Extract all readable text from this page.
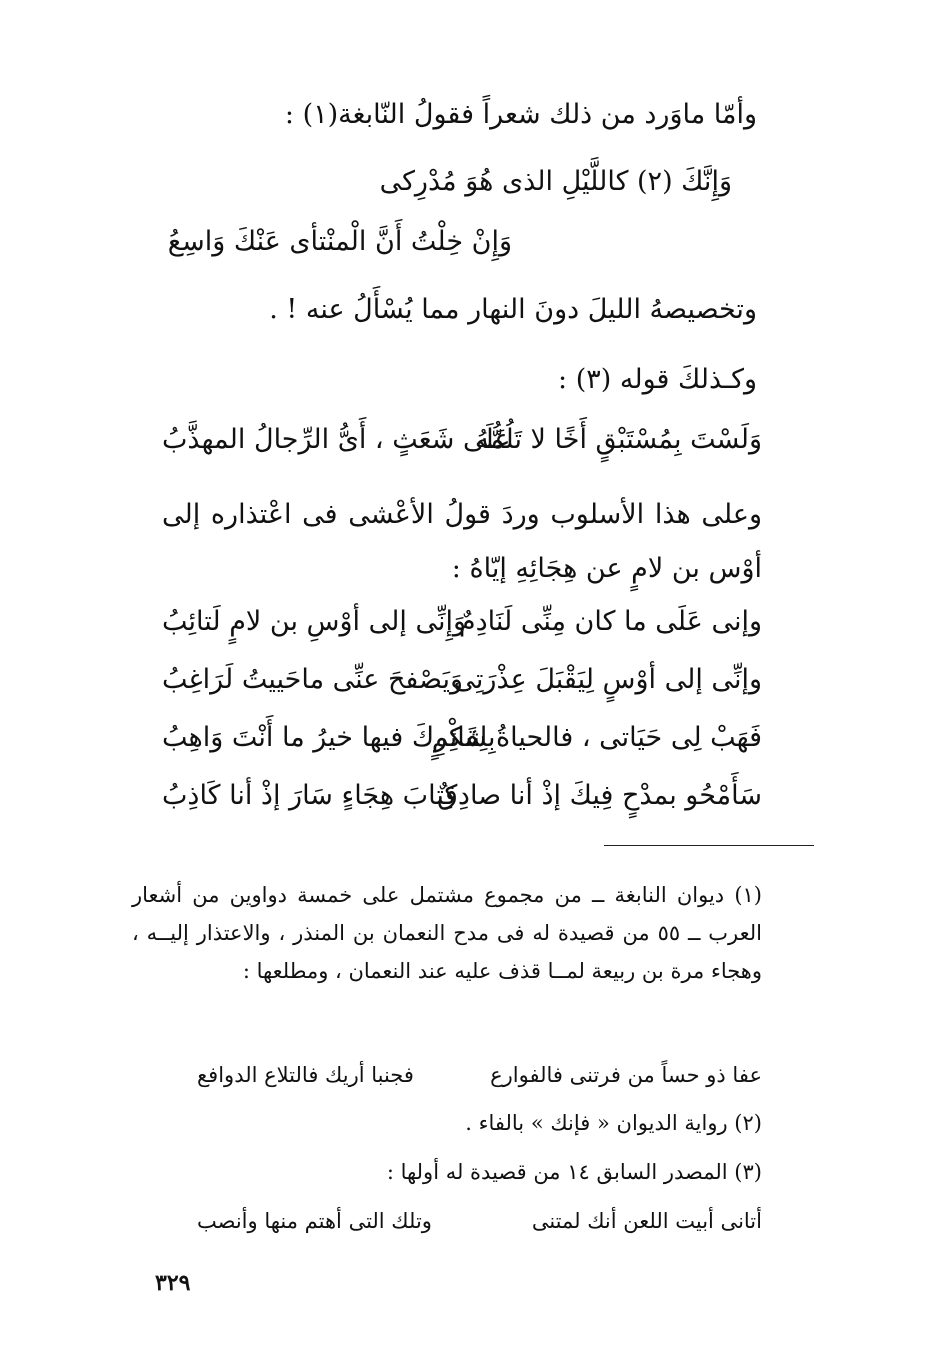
وأمّا ماوَرد من ذلك شعراً فقولُ النّابغة(١) :
وَإِنَّكَ (٢) كاللَّيْلِ الذى هُوَ مُدْرِكى
وَإِنْ خِلْتُ أَنَّ الْمنْتأى عَنْكَ وَاسِعُ
وتخصيصهُ الليلَ دونَ النهار مما يُسْأَلُ عنه ! .
وكـذلكَ قوله (٣) :
وَلَسْتَ بِمُسْتَبْقٍ أَخًا لا تَلُمُّهُ
عَلَى شَعَثٍ ، أَىُّ الرِّجالُ المهذَّبُ
وعلى هذا الأسلوب وردَ قولُ الأعْشى فى اعْتذاره إلى أوْس بن لامٍ عن هِجَائِهِ إيّاهُ :
وإنى عَلَى ما كان مِنِّى لَنَادِمٌ
وَإِنِّى إلى أوْسِ بن لامٍ لَتائِبُ
وإنِّى إلى أوْسٍ لِيَقْبَلَ عِذْرَتِى
وَيَصْفحَ عنِّى ماحَييتُ لَرَاغِبُ
فَهَبْ لِى حَيَاتى ، فالحياةُ لِقَائِمٍ
بِشكْرِكَ فيها خيرُ ما أَنْتَ وَاهِبُ
سَأَمْحُو بمدْحٍ فِيكَ إذْ أنا صادِقٌ
كِتابَ هِجَاءٍ سَارَ إذْ أنا كَاذِبُ
(١) ديوان النابغة ــ من مجموع مشتمل على خمسة دواوين من أشعار العرب ــ ٥٥ من قصيدة له فى مدح النعمان بن المنذر ، والاعتذار إليــه ، وهجاء مرة بن ربيعة لمــا قذف عليه عند النعمان ، ومطلعها :
عفا ذو حساً من فرتنى فالفوارع
فجنبا أريك فالتلاع الدوافع
(٢) رواية الديوان « فإنك » بالفاء .
(٣) المصدر السابق ١٤ من قصيدة له أولها :
أتانى أبيت اللعن أنك لمتنى
وتلك التى أهتم منها وأنصب
٣٢٩
